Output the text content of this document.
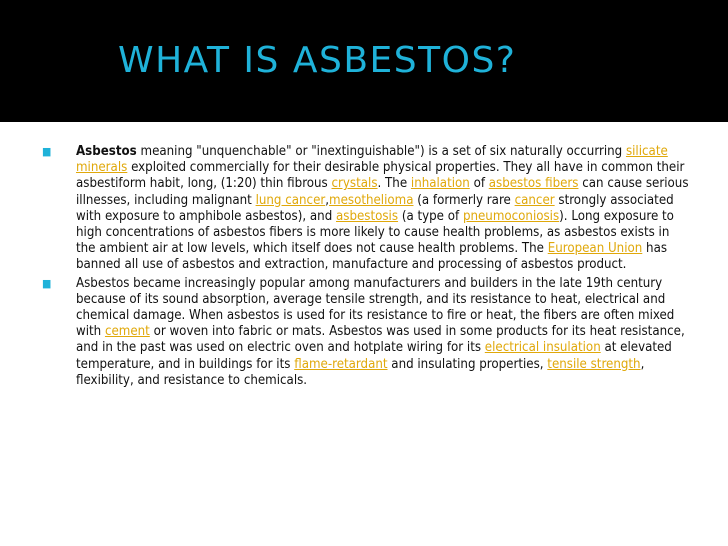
WHAT IS ASBESTOS?
■ Asbestos meaning "unquenchable" or "inextinguishable") is a set of six naturally occurring silicate minerals exploited commercially for their desirable physical properties. They all have in common their asbestiform habit, long, (1:20) thin fibrous crystals. The inhalation of asbestos fibers can cause serious illnesses, including malignant lung cancer,mesothelioma (a formerly rare cancer strongly associated with exposure to amphibole asbestos), and asbestosis (a type of pneumoconiosis). Long exposure to high concentrations of asbestos fibers is more likely to cause health problems, as asbestos exists in the ambient air at low levels, which itself does not cause health problems. The European Union has banned all use of asbestos and extraction, manufacture and processing of asbestos product.
■ Asbestos became increasingly popular among manufacturers and builders in the late 19th century because of its sound absorption, average tensile strength, and its resistance to heat, electrical and chemical damage. When asbestos is used for its resistance to fire or heat, the fibers are often mixed with cement or woven into fabric or mats. Asbestos was used in some products for its heat resistance, and in the past was used on electric oven and hotplate wiring for its electrical insulation at elevated temperature, and in buildings for its flame-retardant and insulating properties, tensile strength, flexibility, and resistance to chemicals.
